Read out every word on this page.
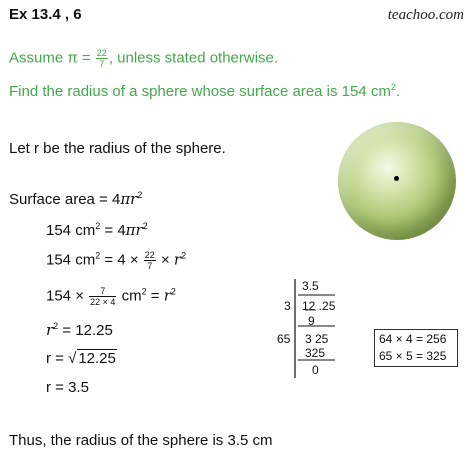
Ex 13.4 , 6	teachoo.com
Assume $\pi = \frac{22}{7}$ , unless stated otherwise.
Find the radius of a sphere whose surface area is 154 $cm^2$.
Let r be the radius of the sphere.
Surface area = $4\pi r^2$
154 $cm^2 = 4\pi r^2$
154 $cm^2 = 4 \times \frac{22}{7} \times r^2$
$154 \times \frac{7}{22 \times 4} cm^2 = r^2$
$r^2 = 12.25$
r = √ 12.25
r = 3.5
Thus, the radius of the sphere is 3.5 cm
3.5
3 12 .25
9
65 3 25
325
0
64 × 4 = 256
65 × 5 = 325
